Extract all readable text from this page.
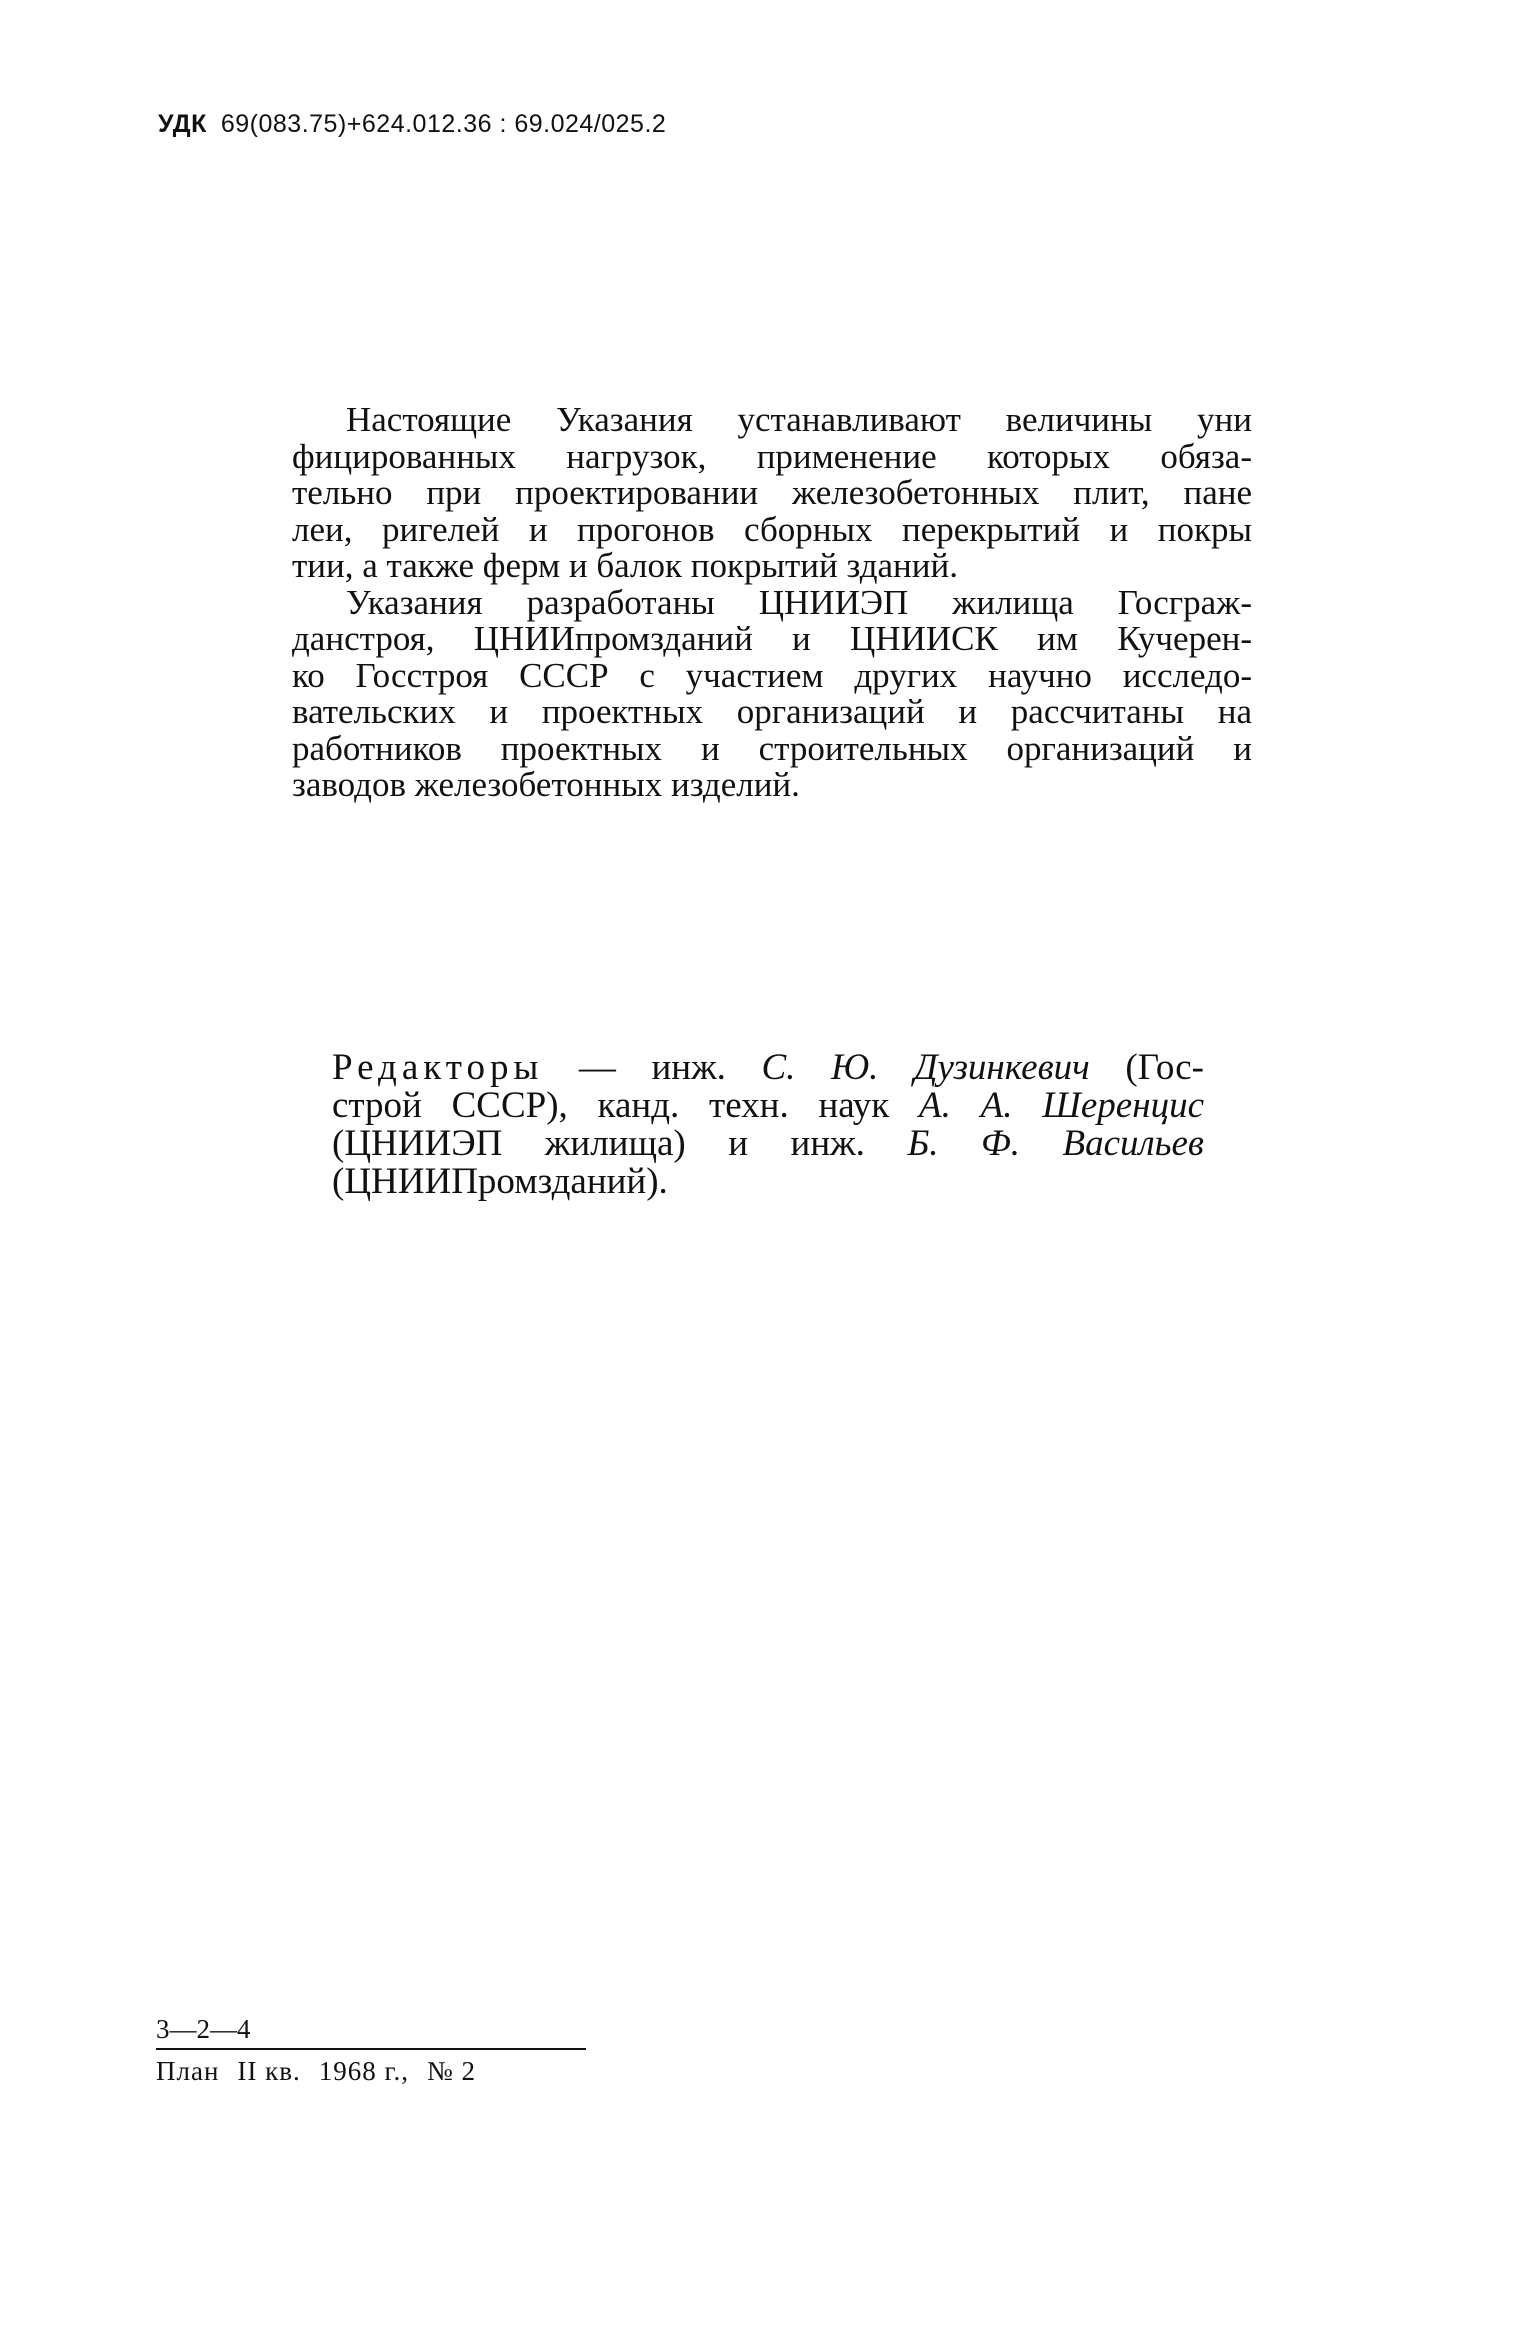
УДК 69(083.75)+624.012.36 : 69.024/025.2
Настоящие Указания устанавливают величины уни
фицированных нагрузок, применение которых обяза-
тельно при проектировании железобетонных плит, пане
леи, ригелей и прогонов сборных перекрытий и покры
тии, а также ферм и балок покрытий зданий.
Указания разработаны ЦНИИЭП жилища Госграж-
данстроя, ЦНИИпромзданий и ЦНИИСК им Кучерен-
ко Госстроя СССР с участием других научно исследо-
вательских и проектных организаций и рассчитаны на
работников проектных и строительных организаций и
заводов железобетонных изделий.
Редакторы — инж. С. Ю. Дузинкевич (Гос-
строй СССР), канд. техн. наук А. А. Шеренцис
(ЦНИИЭП жилища) и инж. Б. Ф. Васильев
(ЦНИИПромзданий).
3—2—4
План II кв. 1968 г., № 2
